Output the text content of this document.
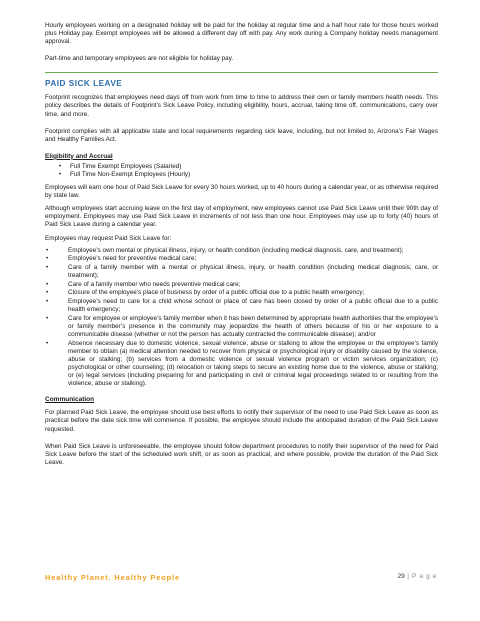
Hourly employees working on a designated holiday will be paid for the holiday at regular time and a half hour rate for those hours worked plus Holiday pay. Exempt employees will be allowed a different day off with pay. Any work during a Company holiday needs management approval.

Part-time and temporary employees are not eligible for holiday pay.

PAID SICK LEAVE

Footprint recognizes that employees need days off from work from time to time to address their own or family members health needs. This policy describes the details of Footprint’s Sick Leave Policy, including eligibility, hours, accrual, taking time off, communications, carry over time, and more.

Footprint complies with all applicable state and local requirements regarding sick leave, including, but not limited to, Arizona’s Fair Wages and Healthy Families Act.

Eligibility and Accrual
• Full Time Exempt Employees (Salaried)
• Full Time Non-Exempt Employees (Hourly)

Employees will earn one hour of Paid Sick Leave for every 30 hours worked, up to 40 hours during a calendar year, or as otherwise required by state law.

Although employees start accruing leave on the first day of employment, new employees cannot use Paid Sick Leave until their 90th day of employment. Employees may use Paid Sick Leave in increments of not less than one hour. Employees may use up to forty (40) hours of Paid Sick Leave during a calendar year.

Employees may request Paid Sick Leave for:

•	Employee’s own mental or physical illness, injury, or health condition (including medical diagnosis, care, and treatment);
•	Employee’s need for preventive medical care;
•	Care of a family member with a mental or physical illness, injury, or health condition (including medical diagnosis, care, or treatment);
•	Care of a family member who needs preventive medical care;
•	Closure of the employee’s place of business by order of a public official due to a public health emergency;
•	Employee’s need to care for a child whose school or place of care has been closed by order of a public official due to a public health emergency;
•	Care for employee or employee’s family member when it has been determined by appropriate health authorities that the employee’s or family member’s presence in the community may jeopardize the health of others because of his or her exposure to a communicable disease (whether or not the person has actually contracted the communicable disease); and/or
•	Absence necessary due to domestic violence, sexual violence, abuse or stalking to allow the employee or the employee’s family member to obtain (a) medical attention needed to recover from physical or psychological injury or disability caused by the violence, abuse or stalking; (b) services from a domestic violence or sexual violence program or victim services organization; (c) psychological or other counseling; (d) relocation or taking steps to secure an existing home due to the violence, abuse or stalking; or (e) legal services (including preparing for and participating in civil or criminal legal proceedings related to or resulting from the violence, abuse or stalking).
Communication

For planned Paid Sick Leave, the employee should use best efforts to notify their supervisor of the need to use Paid Sick Leave as soon as practical before the date sick time will commence. If possible, the employee should include the anticipated duration of the Paid Sick Leave requested.

When Paid Sick Leave is unforeseeable, the employee should follow department procedures to notify their supervisor of the need for Paid Sick Leave before the start of the scheduled work shift, or as soon as practical, and where possible, provide the duration of the Paid Sick Leave.

Healthy Planet. Healthy People	29 | P a g e
